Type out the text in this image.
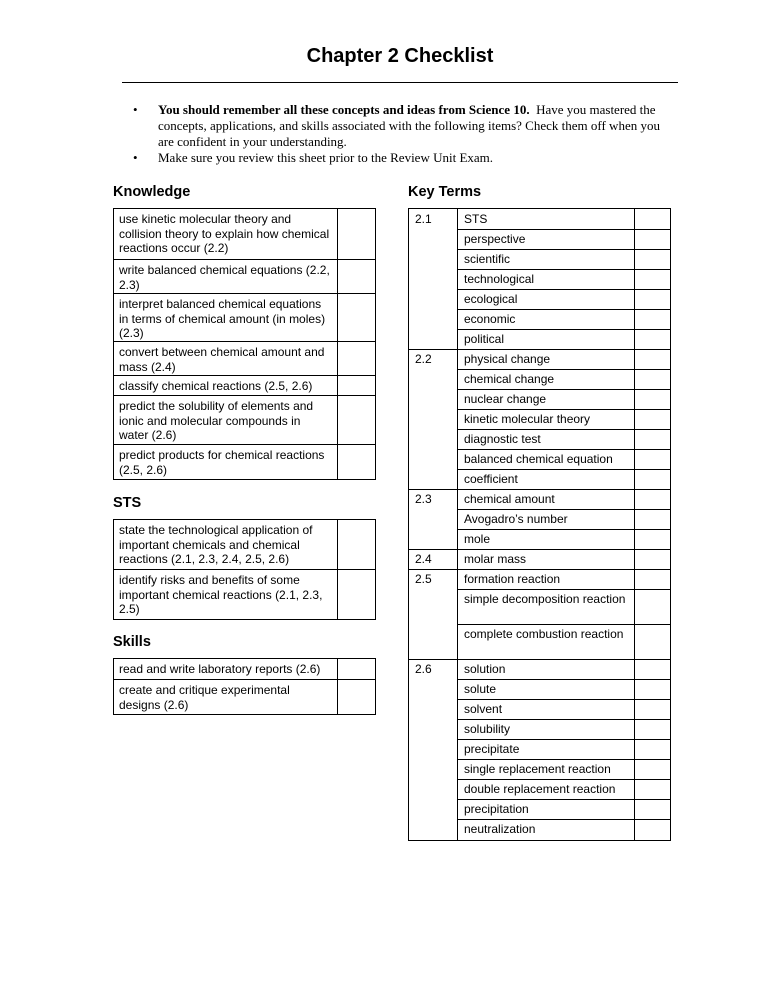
Chapter 2 Checklist
• You should remember all these concepts and ideas from Science 10. Have you mastered the concepts, applications, and skills associated with the following items? Check them off when you are confident in your understanding.
• Make sure you review this sheet prior to the Review Unit Exam.
Knowledge
use kinetic molecular theory and collision theory to explain how chemical reactions occur (2.2)
write balanced chemical equations (2.2, 2.3)
interpret balanced chemical equations in terms of chemical amount (in moles) (2.3)
convert between chemical amount and mass (2.4)
classify chemical reactions (2.5, 2.6)
predict the solubility of elements and ionic and molecular compounds in water (2.6)
predict products for chemical reactions (2.5, 2.6)
STS
state the technological application of important chemicals and chemical reactions (2.1, 2.3, 2.4, 2.5, 2.6)
identify risks and benefits of some important chemical reactions (2.1, 2.3, 2.5)
Skills
read and write laboratory reports (2.6)
create and critique experimental designs (2.6)
Key Terms
2.1	STS
perspective
scientific
technological
ecological
economic
political
2.2	physical change
chemical change
nuclear change
kinetic molecular theory
diagnostic test
balanced chemical equation
coefficient
2.3	chemical amount
Avogadro’s number
mole
2.4	molar mass
2.5	formation reaction
simple decomposition reaction
complete combustion reaction
2.6	solution
solute
solvent
solubility
precipitate
single replacement reaction
double replacement reaction
precipitation
neutralization
